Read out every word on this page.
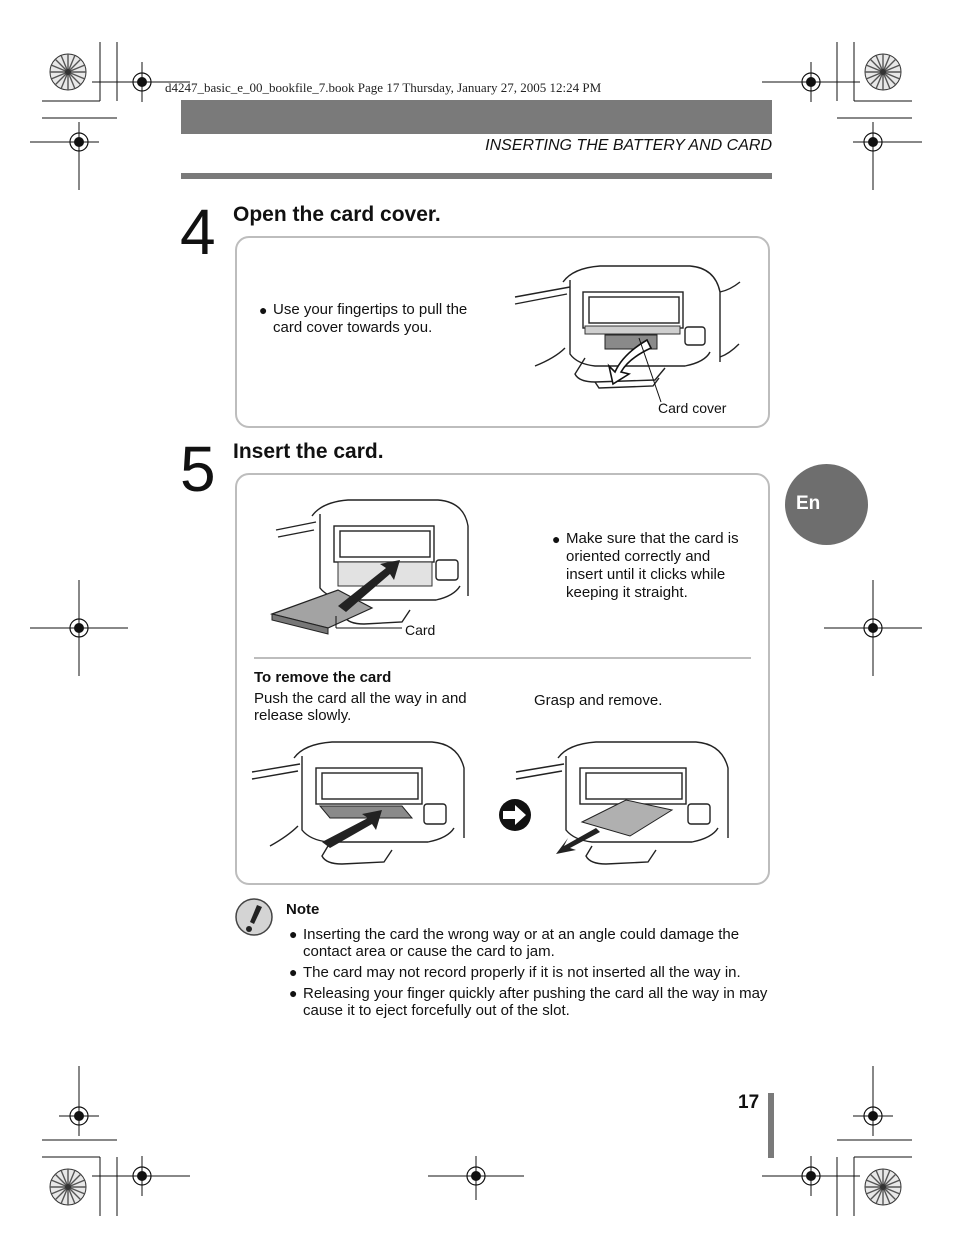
d4247_basic_e_00_bookfile_7.book Page 17 Thursday, January 27, 2005 12:24 PM
INSERTING THE BATTERY AND CARD
4 Open the card cover.
● Use your fingertips to pull the
card cover towards you.
Card cover
5 Insert the card.
Card
● Make sure that the card is
oriented correctly and
insert until it clicks while
keeping it straight.
To remove the card
Push the card all the way in and
release slowly.
Grasp and remove.
En
Note
● Inserting the card the wrong way or at an angle could damage the
contact area or cause the card to jam.
● The card may not record properly if it is not inserted all the way in.
● Releasing your finger quickly after pushing the card all the way in may
cause it to eject forcefully out of the slot.
17
